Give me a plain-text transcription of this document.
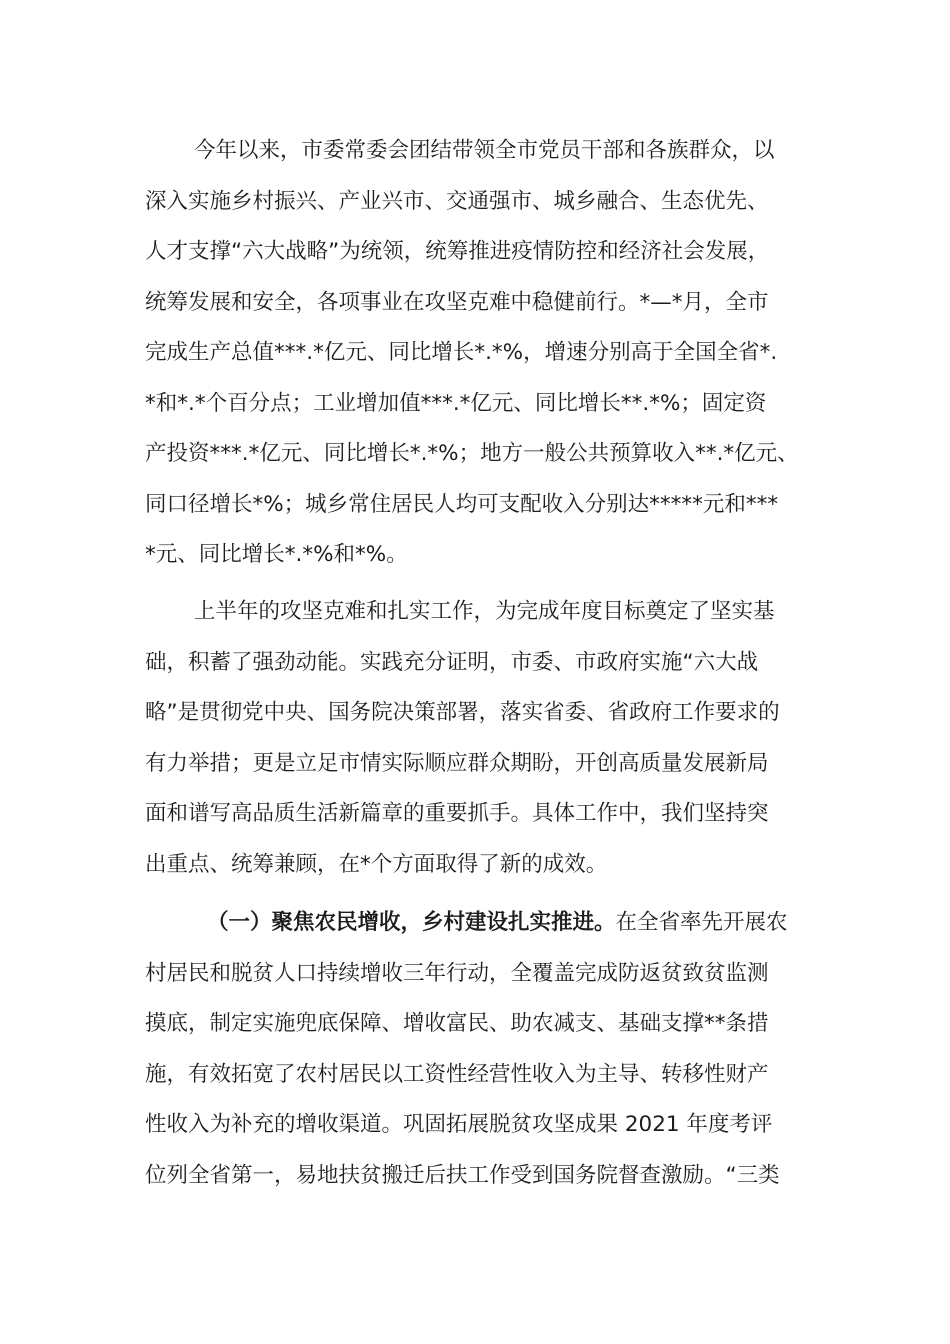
今年以来，市委常委会团结带领全市党员干部和各族群众，以
深入实施乡村振兴、产业兴市、交通强市、城乡融合、生态优先、
人才支撑“六大战略”为统领，统筹推进疫情防控和经济社会发展，
统筹发展和安全，各项事业在攻坚克难中稳健前行。*—*月，全市
完成生产总值***.*亿元、同比增长*.*%，增速分别高于全国全省*.
*和*.*个百分点；工业增加值***.*亿元、同比增长**.*%；固定资
产投资***.*亿元、同比增长*.*%；地方一般公共预算收入**.*亿元、
同口径增长*%；城乡常住居民人均可支配收入分别达*****元和***
*元、同比增长*.*%和*%。

上半年的攻坚克难和扎实工作，为完成年度目标奠定了坚实基
础，积蓄了强劲动能。实践充分证明，市委、市政府实施“六大战
略”是贯彻党中央、国务院决策部署，落实省委、省政府工作要求的
有力举措；更是立足市情实际顺应群众期盼，开创高质量发展新局
面和谱写高品质生活新篇章的重要抓手。具体工作中，我们坚持突
出重点、统筹兼顾，在*个方面取得了新的成效。

（一）聚焦农民增收，乡村建设扎实推进。在全省率先开展农
村居民和脱贫人口持续增收三年行动，全覆盖完成防返贫致贫监测
摸底，制定实施兜底保障、增收富民、助农减支、基础支撑**条措
施，有效拓宽了农村居民以工资性经营性收入为主导、转移性财产
性收入为补充的增收渠道。巩固拓展脱贫攻坚成果 2021 年度考评
位列全省第一，易地扶贫搬迁后扶工作受到国务院督查激励。“三类
